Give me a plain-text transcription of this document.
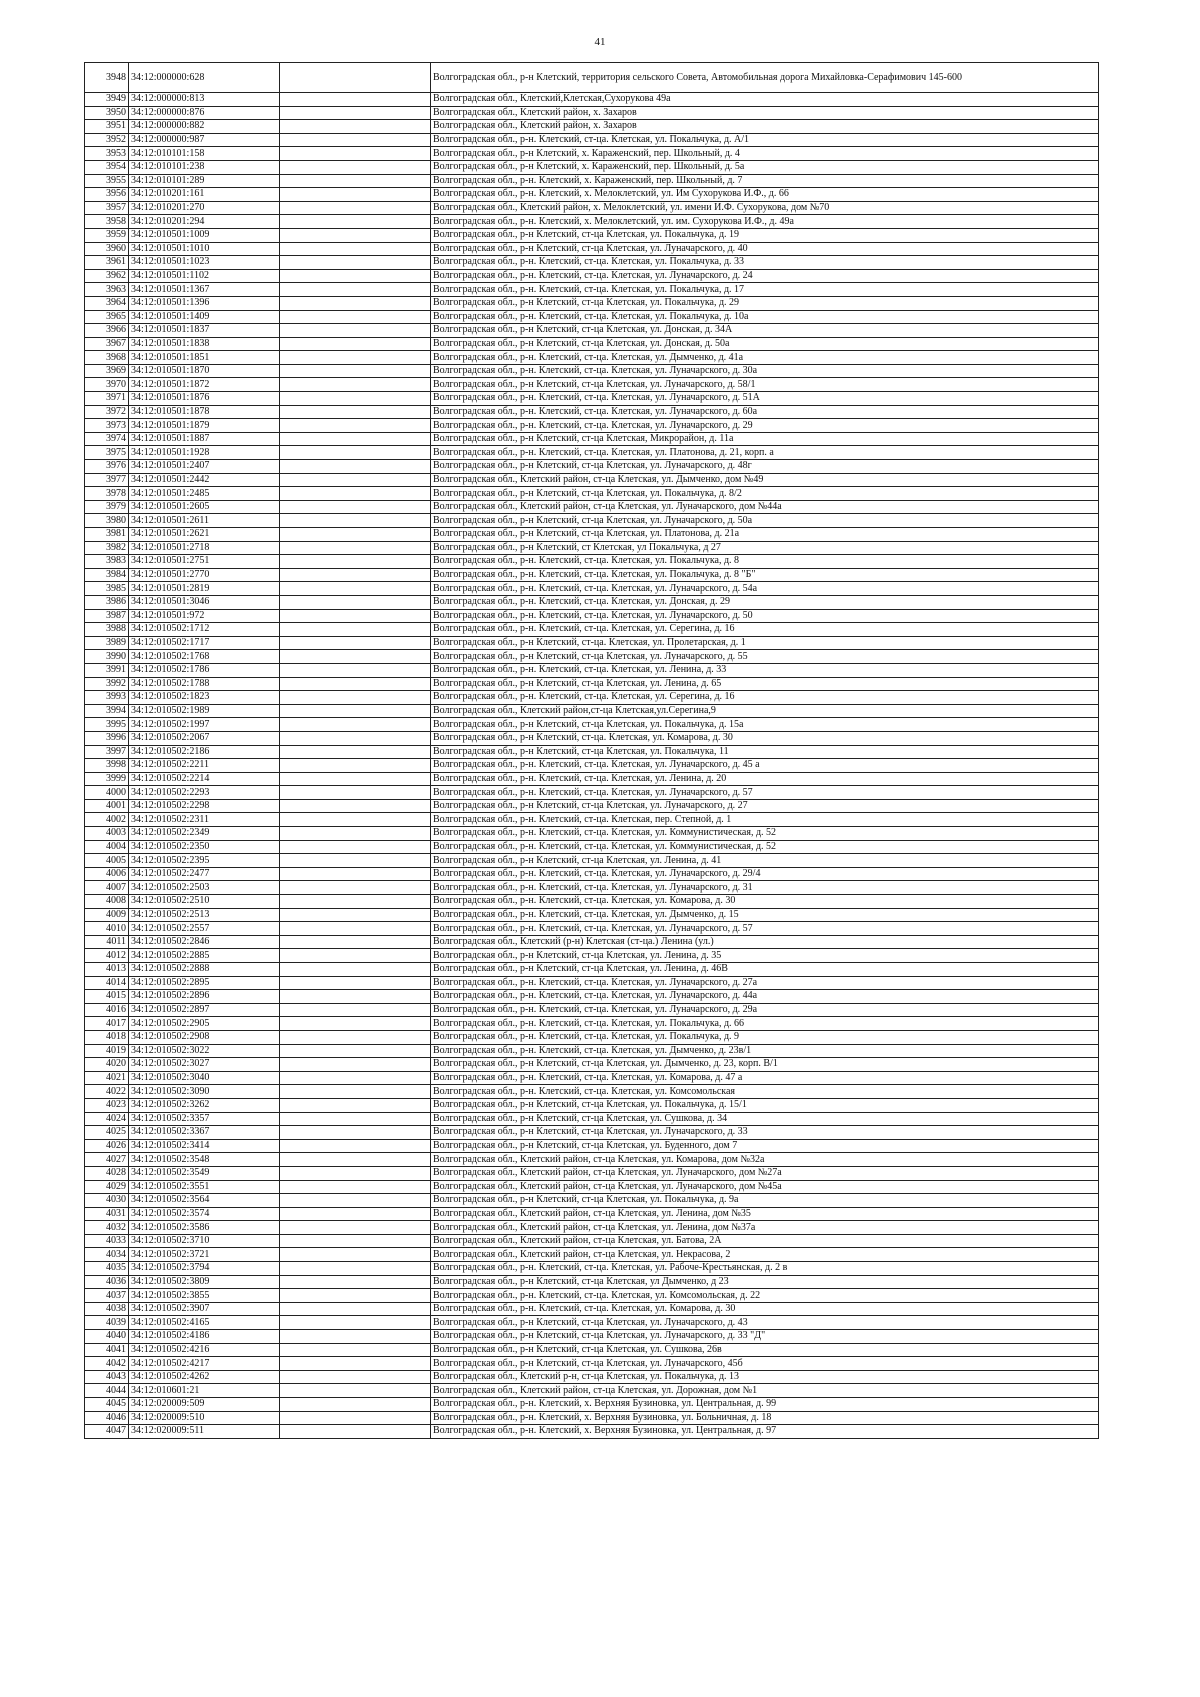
41
3948	34:12:000000:628		Волгоградская обл., р-н Клетский, территория сельского Совета, Автомобильная дорога Михайловка-Серафимович 145-600
3949	34:12:000000:813		Волгоградская обл., Клетский,Клетская,Сухорукова 49а
3950	34:12:000000:876		Волгоградская обл., Клетский район, х. Захаров
3951	34:12:000000:882		Волгоградская обл., Клетский район, х. Захаров
3952	34:12:000000:987		Волгоградская обл., р-н. Клетский, ст-ца. Клетская, ул. Покальчука, д. А/1
3953	34:12:010101:158		Волгоградская обл., р-н Клетский, х. Караженский, пер. Школьный, д. 4
3954	34:12:010101:238		Волгоградская обл., р-н Клетский, х. Караженский, пер. Школьный, д. 5а
3955	34:12:010101:289		Волгоградская обл., р-н. Клетский, х. Караженский, пер. Школьный, д. 7
3956	34:12:010201:161		Волгоградская обл., р-н. Клетский, х. Мелоклетский, ул. Им Сухорукова И.Ф., д. 66
3957	34:12:010201:270		Волгоградская обл., Клетский район, х. Мелоклетский, ул. имени И.Ф. Сухорукова, дом №70
3958	34:12:010201:294		Волгоградская обл., р-н. Клетский, х. Мелоклетский, ул. им. Сухорукова И.Ф., д. 49а
3959	34:12:010501:1009		Волгоградская обл., р-н Клетский, ст-ца Клетская, ул. Покальчука, д. 19
3960	34:12:010501:1010		Волгоградская обл., р-н Клетский, ст-ца Клетская, ул. Луначарского, д. 40
3961	34:12:010501:1023		Волгоградская обл., р-н. Клетский, ст-ца. Клетская, ул. Покальчука, д. 33
3962	34:12:010501:1102		Волгоградская обл., р-н. Клетский, ст-ца. Клетская, ул. Луначарского, д. 24
3963	34:12:010501:1367		Волгоградская обл., р-н. Клетский, ст-ца. Клетская, ул. Покальчука, д. 17
3964	34:12:010501:1396		Волгоградская обл., р-н Клетский, ст-ца Клетская, ул. Покальчука, д. 29
3965	34:12:010501:1409		Волгоградская обл., р-н. Клетский, ст-ца. Клетская, ул. Покальчука, д. 10а
3966	34:12:010501:1837		Волгоградская обл., р-н Клетский, ст-ца Клетская, ул. Донская, д. 34А
3967	34:12:010501:1838		Волгоградская обл., р-н Клетский, ст-ца Клетская, ул. Донская, д. 50а
3968	34:12:010501:1851		Волгоградская обл., р-н. Клетский, ст-ца. Клетская, ул. Дымченко, д. 41а
3969	34:12:010501:1870		Волгоградская обл., р-н. Клетский, ст-ца. Клетская, ул. Луначарского, д. 30а
3970	34:12:010501:1872		Волгоградская обл., р-н Клетский, ст-ца Клетская, ул. Луначарского, д. 58/1
3971	34:12:010501:1876		Волгоградская обл., р-н. Клетский, ст-ца. Клетская, ул. Луначарского, д. 51А
3972	34:12:010501:1878		Волгоградская обл., р-н. Клетский, ст-ца. Клетская, ул. Луначарского, д. 60а
3973	34:12:010501:1879		Волгоградская обл., р-н. Клетский, ст-ца. Клетская, ул. Луначарского, д. 29
3974	34:12:010501:1887		Волгоградская обл., р-н Клетский, ст-ца Клетская, Микрорайон, д. 11а
3975	34:12:010501:1928		Волгоградская обл., р-н. Клетский, ст-ца. Клетская, ул. Платонова, д. 21, корп. а
3976	34:12:010501:2407		Волгоградская обл., р-н Клетский, ст-ца Клетская, ул. Луначарского, д. 48г
3977	34:12:010501:2442		Волгоградская обл., Клетский район, ст-ца Клетская, ул. Дымченко, дом №49
3978	34:12:010501:2485		Волгоградская обл., р-н Клетский, ст-ца Клетская, ул. Покальчука, д. 8/2
3979	34:12:010501:2605		Волгоградская обл., Клетский район, ст-ца Клетская, ул. Луначарского, дом №44а
3980	34:12:010501:2611		Волгоградская обл., р-н Клетский, ст-ца Клетская, ул. Луначарского, д. 50а
3981	34:12:010501:2621		Волгоградская обл., р-н Клетский, ст-ца Клетская, ул. Платонова, д. 21а
3982	34:12:010501:2718		Волгоградская обл., р-н Клетский, ст Клетская, ул Покальчука, д 27
3983	34:12:010501:2751		Волгоградская обл., р-н. Клетский, ст-ца. Клетская, ул. Покальчука, д. 8
3984	34:12:010501:2770		Волгоградская обл., р-н. Клетский, ст-ца. Клетская, ул. Покальчука, д. 8 "Б"
3985	34:12:010501:2819		Волгоградская обл., р-н. Клетский, ст-ца. Клетская, ул. Луначарского, д. 54а
3986	34:12:010501:3046		Волгоградская обл., р-н. Клетский, ст-ца. Клетская, ул. Донская, д. 29
3987	34:12:010501:972		Волгоградская обл., р-н. Клетский, ст-ца. Клетская, ул. Луначарского, д. 50
3988	34:12:010502:1712		Волгоградская обл., р-н. Клетский, ст-ца. Клетская, ул. Серегина, д. 16
3989	34:12:010502:1717		Волгоградская обл., р-н Клетский, ст-ца. Клетская, ул. Пролетарская, д. 1
3990	34:12:010502:1768		Волгоградская обл., р-н Клетский, ст-ца Клетская, ул. Луначарского, д. 55
3991	34:12:010502:1786		Волгоградская обл., р-н. Клетский, ст-ца. Клетская, ул. Ленина, д. 33
3992	34:12:010502:1788		Волгоградская обл., р-н Клетский, ст-ца Клетская, ул. Ленина, д. 65
3993	34:12:010502:1823		Волгоградская обл., р-н. Клетский, ст-ца. Клетская, ул. Серегина, д. 16
3994	34:12:010502:1989		Волгоградская обл., Клетский район,ст-ца Клетская,ул.Серегина,9
3995	34:12:010502:1997		Волгоградская обл., р-н Клетский, ст-ца Клетская, ул. Покальчука, д. 15а
3996	34:12:010502:2067		Волгоградская обл., р-н Клетский, ст-ца. Клетская, ул. Комарова, д. 30
3997	34:12:010502:2186		Волгоградская обл., р-н Клетский, ст-ца Клетская, ул. Покальчука, 11
3998	34:12:010502:2211		Волгоградская обл., р-н. Клетский, ст-ца. Клетская, ул. Луначарского, д. 45 а
3999	34:12:010502:2214		Волгоградская обл., р-н. Клетский, ст-ца. Клетская, ул. Ленина, д. 20
4000	34:12:010502:2293		Волгоградская обл., р-н. Клетский, ст-ца. Клетская, ул. Луначарского, д. 57
4001	34:12:010502:2298		Волгоградская обл., р-н Клетский, ст-ца Клетская, ул. Луначарского, д. 27
4002	34:12:010502:2311		Волгоградская обл., р-н. Клетский, ст-ца. Клетская, пер. Степной, д. 1
4003	34:12:010502:2349		Волгоградская обл., р-н. Клетский, ст-ца. Клетская, ул. Коммунистическая, д. 52
4004	34:12:010502:2350		Волгоградская обл., р-н. Клетский, ст-ца. Клетская, ул. Коммунистическая, д. 52
4005	34:12:010502:2395		Волгоградская обл., р-н Клетский, ст-ца Клетская, ул. Ленина, д. 41
4006	34:12:010502:2477		Волгоградская обл., р-н. Клетский, ст-ца. Клетская, ул. Луначарского, д. 29/4
4007	34:12:010502:2503		Волгоградская обл., р-н. Клетский, ст-ца. Клетская, ул. Луначарского, д. 31
4008	34:12:010502:2510		Волгоградская обл., р-н. Клетский, ст-ца. Клетская, ул. Комарова, д. 30
4009	34:12:010502:2513		Волгоградская обл., р-н. Клетский, ст-ца. Клетская, ул. Дымченко, д. 15
4010	34:12:010502:2557		Волгоградская обл., р-н. Клетский, ст-ца. Клетская, ул. Луначарского, д. 57
4011	34:12:010502:2846		Волгоградская обл., Клетский (р-н) Клетская (ст-ца.) Ленина (ул.)
4012	34:12:010502:2885		Волгоградская обл., р-н Клетский, ст-ца Клетская, ул. Ленина, д. 35
4013	34:12:010502:2888		Волгоградская обл., р-н Клетский, ст-ца Клетская, ул. Ленина, д. 46В
4014	34:12:010502:2895		Волгоградская обл., р-н. Клетский, ст-ца. Клетская, ул. Луначарского, д. 27а
4015	34:12:010502:2896		Волгоградская обл., р-н. Клетский, ст-ца. Клетская, ул. Луначарского, д. 44а
4016	34:12:010502:2897		Волгоградская обл., р-н. Клетский, ст-ца. Клетская, ул. Луначарского, д. 29а
4017	34:12:010502:2905		Волгоградская обл., р-н. Клетский, ст-ца. Клетская, ул. Покальчука, д. 66
4018	34:12:010502:2908		Волгоградская обл., р-н. Клетский, ст-ца. Клетская, ул. Покальчука, д. 9
4019	34:12:010502:3022		Волгоградская обл., р-н. Клетский, ст-ца. Клетская, ул. Дымченко, д. 23в/1
4020	34:12:010502:3027		Волгоградская обл., р-н Клетский, ст-ца Клетская, ул. Дымченко, д. 23, корп. В/1
4021	34:12:010502:3040		Волгоградская обл., р-н. Клетский, ст-ца. Клетская, ул. Комарова, д. 47 а
4022	34:12:010502:3090		Волгоградская обл., р-н. Клетский, ст-ца. Клетская, ул. Комсомольская
4023	34:12:010502:3262		Волгоградская обл., р-н Клетский, ст-ца Клетская, ул. Покальчука, д. 15/1
4024	34:12:010502:3357		Волгоградская обл., р-н Клетский, ст-ца Клетская, ул. Сушкова, д. 34
4025	34:12:010502:3367		Волгоградская обл., р-н Клетский, ст-ца Клетская, ул. Луначарского, д. 33
4026	34:12:010502:3414		Волгоградская обл., р-н Клетский, ст-ца Клетская, ул. Буденного, дом 7
4027	34:12:010502:3548		Волгоградская обл., Клетский район, ст-ца Клетская, ул. Комарова, дом №32а
4028	34:12:010502:3549		Волгоградская обл., Клетский район, ст-ца Клетская, ул. Луначарского, дом №27а
4029	34:12:010502:3551		Волгоградская обл., Клетский район, ст-ца Клетская, ул. Луначарского, дом №45а
4030	34:12:010502:3564		Волгоградская обл., р-н Клетский, ст-ца Клетская, ул. Покальчука, д. 9а
4031	34:12:010502:3574		Волгоградская обл., Клетский район, ст-ца Клетская, ул. Ленина, дом №35
4032	34:12:010502:3586		Волгоградская обл., Клетский район, ст-ца Клетская, ул. Ленина, дом №37а
4033	34:12:010502:3710		Волгоградская обл., Клетский район, ст-ца Клетская, ул. Батова, 2А
4034	34:12:010502:3721		Волгоградская обл., Клетский район, ст-ца Клетская, ул. Некрасова, 2
4035	34:12:010502:3794		Волгоградская обл., р-н. Клетский, ст-ца. Клетская, ул. Рабоче-Крестьянская, д. 2 в
4036	34:12:010502:3809		Волгоградская обл., р-н Клетский, ст-ца Клетская, ул Дымченко, д 23
4037	34:12:010502:3855		Волгоградская обл., р-н. Клетский, ст-ца. Клетская, ул. Комсомольская, д. 22
4038	34:12:010502:3907		Волгоградская обл., р-н. Клетский, ст-ца. Клетская, ул. Комарова, д. 30
4039	34:12:010502:4165		Волгоградская обл., р-н Клетский, ст-ца Клетская, ул. Луначарского, д. 43
4040	34:12:010502:4186		Волгоградская обл., р-н Клетский, ст-ца Клетская, ул. Луначарского, д. 33 "Д"
4041	34:12:010502:4216		Волгоградская обл., р-н Клетский, ст-ца Клетская, ул. Сушкова, 26в
4042	34:12:010502:4217		Волгоградская обл., р-н Клетский, ст-ца Клетская, ул. Луначарского, 45б
4043	34:12:010502:4262		Волгоградская обл., Клетский р-н, ст-ца Клетская, ул. Покальчука, д. 13
4044	34:12:010601:21		Волгоградская обл., Клетский район, ст-ца Клетская, ул. Дорожная, дом №1
4045	34:12:020009:509		Волгоградская обл., р-н. Клетский, х. Верхняя Бузиновка, ул. Центральная, д. 99
4046	34:12:020009:510		Волгоградская обл., р-н. Клетский, х. Верхняя Бузиновка, ул. Больничная, д. 18
4047	34:12:020009:511		Волгоградская обл., р-н. Клетский, х. Верхняя Бузиновка, ул. Центральная, д. 97
